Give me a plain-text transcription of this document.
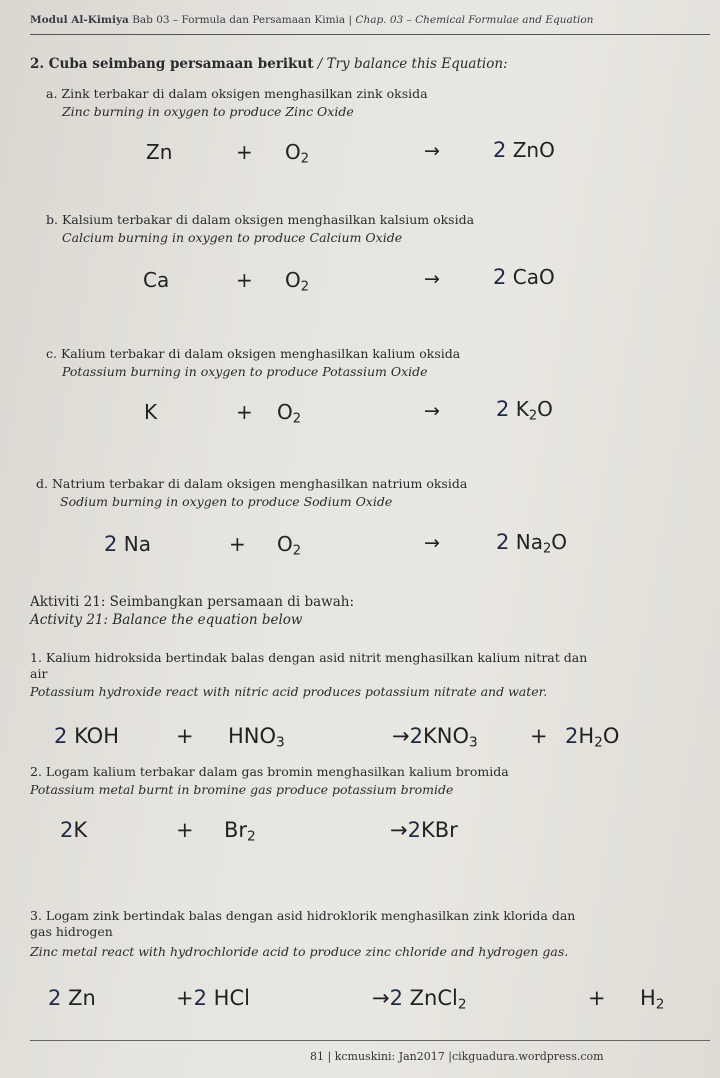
Modul Al-Kimiya Bab 03 – Formula dan Persamaan Kimia | Chap. 03 – Chemical Formulae and Equation
2. Cuba seimbang persamaan berikut / Try balance this Equation:
a. Zink terbakar di dalam oksigen menghasilkan zink oksida
Zinc burning in oxygen to produce Zinc Oxide
Zn	+ $O_2$	→	2 ZnO
b. Kalsium terbakar di dalam oksigen menghasilkan kalsium oksida
Calcium burning in oxygen to produce Calcium Oxide
Ca	+ $O_2$	→	2 CaO
c. Kalium terbakar di dalam oksigen menghasilkan kalium oksida
Potassium burning in oxygen to produce Potassium Oxide
K	+ $O_2$	→	2 $K_2O$
d. Natrium terbakar di dalam oksigen menghasilkan natrium oksida
Sodium burning in oxygen to produce Sodium Oxide
2 Na	+ $O_2$	→	2 $Na_2O$
Aktiviti 21: Seimbangkan persamaan di bawah:
Activity 21: Balance the equation below
1. Kalium hidroksida bertindak balas dengan asid nitrit menghasilkan kalium nitrat dan
air
Potassium hydroxide react with nitric acid produces potassium nitrate and water.
2 KOH	+ $HNO_3$	$\to 2KNO_3 + 2H_2O$
2. Logam kalium terbakar dalam gas bromin menghasilkan kalium bromida
Potassium metal burnt in bromine gas produce potassium bromide
2K	+ $Br_2$	→2KBr
3. Logam zink bertindak balas dengan asid hidroklorik menghasilkan zink klorida dan
gas hidrogen
Zinc metal react with hydrochloride acid to produce zinc chloride and hydrogen gas.
2 Zn	+2 HCl	→2 ZnCl$_2$	+ $H_2$
81 | kcmuskini: Jan2017 |cikguadura.wordpress.com
